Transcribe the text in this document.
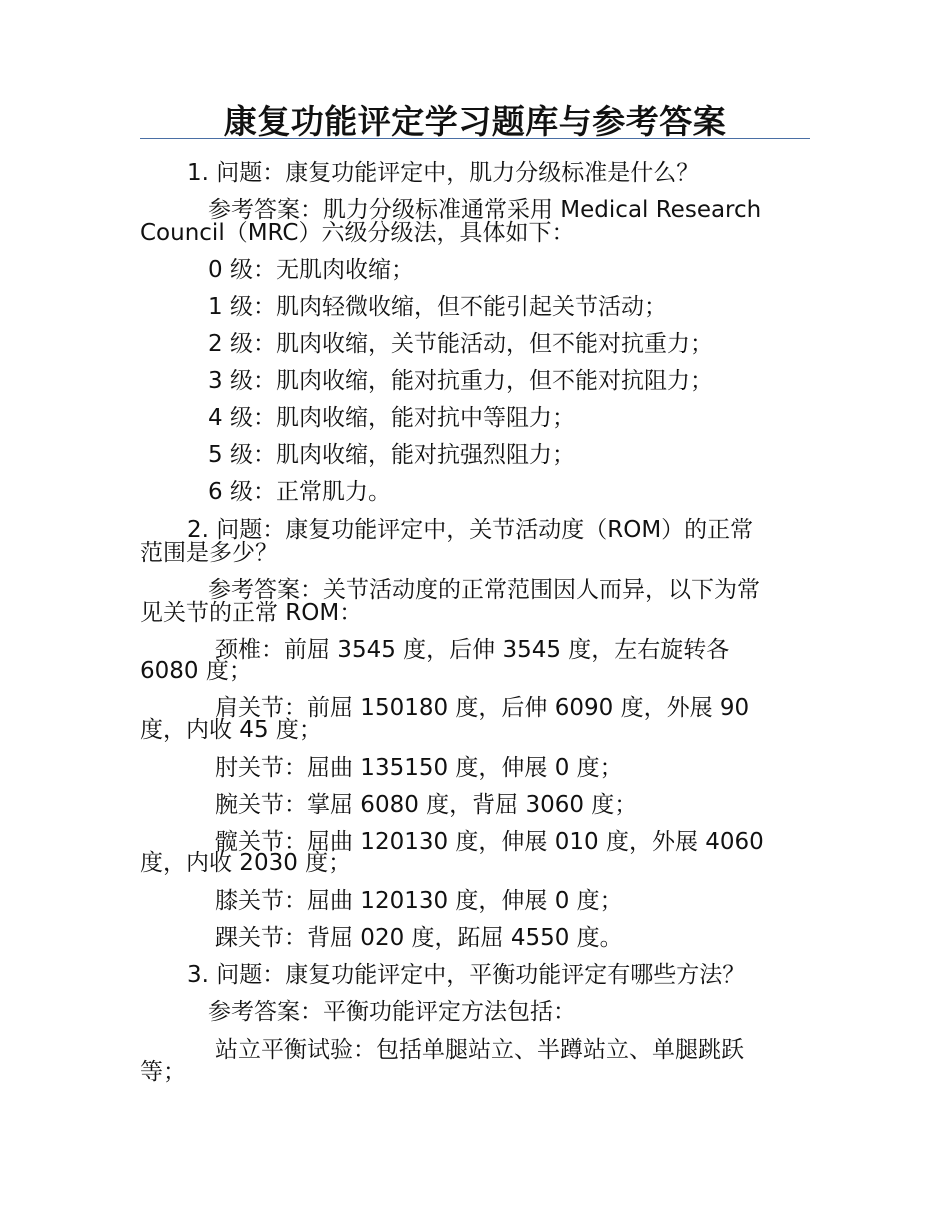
康复功能评定学习题库与参考答案
1. 问题：康复功能评定中，肌力分级标准是什么？
参考答案：肌力分级标准通常采用 Medical Research
Council（MRC）六级分级法，具体如下：
0 级：无肌肉收缩；
1 级：肌肉轻微收缩，但不能引起关节活动；
2 级：肌肉收缩，关节能活动，但不能对抗重力；
3 级：肌肉收缩，能对抗重力，但不能对抗阻力；
4 级：肌肉收缩，能对抗中等阻力；
5 级：肌肉收缩，能对抗强烈阻力；
6 级：正常肌力。
2. 问题：康复功能评定中，关节活动度（ROM）的正常
范围是多少？
参考答案：关节活动度的正常范围因人而异，以下为常
见关节的正常 ROM：
颈椎：前屈 3545 度，后伸 3545 度，左右旋转各
6080 度；
肩关节：前屈 150180 度，后伸 6090 度，外展 90
度，内收 45 度；
肘关节：屈曲 135150 度，伸展 0 度；
腕关节：掌屈 6080 度，背屈 3060 度；
髋关节：屈曲 120130 度，伸展 010 度，外展 4060
度，内收 2030 度；
膝关节：屈曲 120130 度，伸展 0 度；
踝关节：背屈 020 度，跖屈 4550 度。
3. 问题：康复功能评定中，平衡功能评定有哪些方法？
参考答案：平衡功能评定方法包括：
站立平衡试验：包括单腿站立、半蹲站立、单腿跳跃
等；
